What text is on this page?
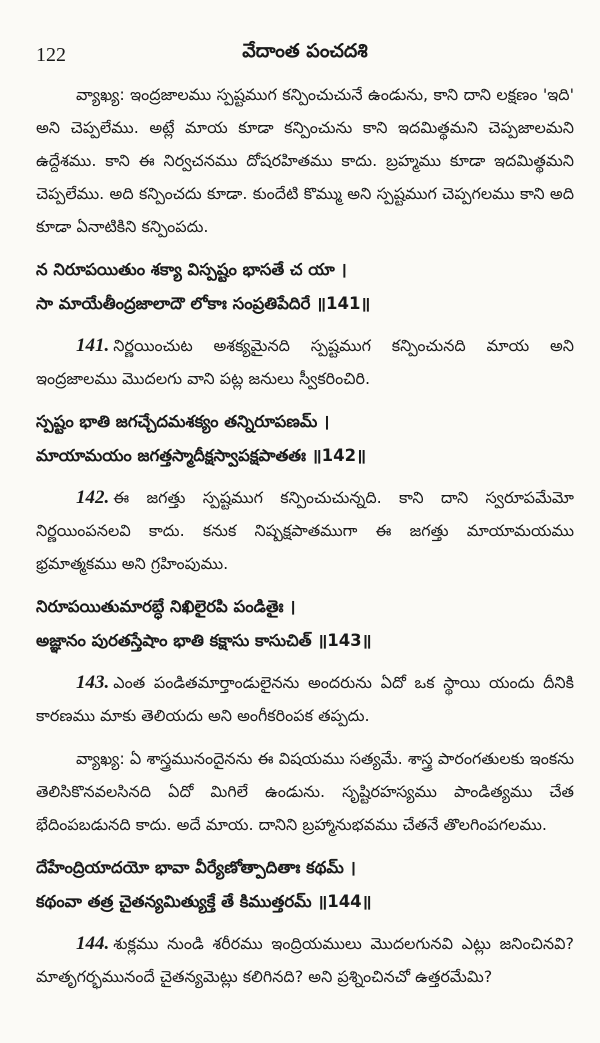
122	వేదాంత పంచదశి

వ్యాఖ్య: ఇంద్రజాలము స్పష్టముగ కన్పించుచునే ఉండును, కాని దాని లక్షణం 'ఇది' అని చెప్పలేము. అట్లే మాయ కూడా కన్పించును కాని ఇదమిత్థమని చెప్పజాలమని ఉద్దేశము. కాని ఈ నిర్వచనము దోషరహితము కాదు. బ్రహ్మము కూడా ఇదమిత్థమని చెప్పలేము. అది కన్పించదు కూడా. కుందేటి కొమ్ము అని స్పష్టముగ చెప్పగలము కాని అది కూడా ఏనాటికిని కన్పింపదు.

న నిరూపయితుం శక్యా విస్పష్టం భాసతే చ యా ।
సా మాయేతీంద్రజాలాదౌ లోకాః సంప్రతిపేదిరే ॥141॥

141. నిర్ణయించుట అశక్యమైనది స్పష్టముగ కన్పించునది మాయ అని ఇంద్రజాలము మొదలగు వాని పట్ల జనులు స్వీకరించిరి.

స్పష్టం భాతి జగచ్చేదమశక్యం తన్నిరూపణమ్ ।
మాయామయం జగత్తస్మాదీక్షస్వాపక్షపాతతః ॥142॥

142. ఈ జగత్తు స్పష్టముగ కన్పించుచున్నది. కాని దాని స్వరూపమేమో నిర్ణయింపనలవి కాదు. కనుక నిష్పక్షపాతముగా ఈ జగత్తు మాయామయము భ్రమాత్మకము అని గ్రహింపుము.

నిరూపయితుమారబ్ధే నిఖిలైరపి పండితైః ।
అజ్ఞానం పురతస్తేషాం భాతి కక్షాసు కాసుచిత్ ॥143॥

143. ఎంత పండితమార్తాండులైనను అందరును ఏదో ఒక స్థాయి యందు దీనికి కారణము మాకు తెలియదు అని అంగీకరింపక తప్పదు.

వ్యాఖ్య: ఏ శాస్త్రమునందైనను ఈ విషయము సత్యమే. శాస్త్ర పారంగతులకు ఇంకను తెలిసికొనవలసినది ఏదో మిగిలే ఉండును. సృష్టిరహస్యము పాండిత్యము చేత భేదింపబడునది కాదు. అదే మాయ. దానిని బ్రహ్మానుభవము చేతనే తొలగింపగలము.

దేహేంద్రియాదయో భావా వీర్యేణోత్పాదితాః కథమ్ ।
కథంవా తత్ర చైతన్యమిత్యుక్తే తే కిముత్తరమ్ ॥144॥

144. శుక్లము నుండి శరీరము ఇంద్రియములు మొదలగునవి ఎట్లు జనించినవి? మాతృగర్భమునందే చైతన్యమెట్లు కలిగినది? అని ప్రశ్నించినచో ఉత్తరమేమి?
